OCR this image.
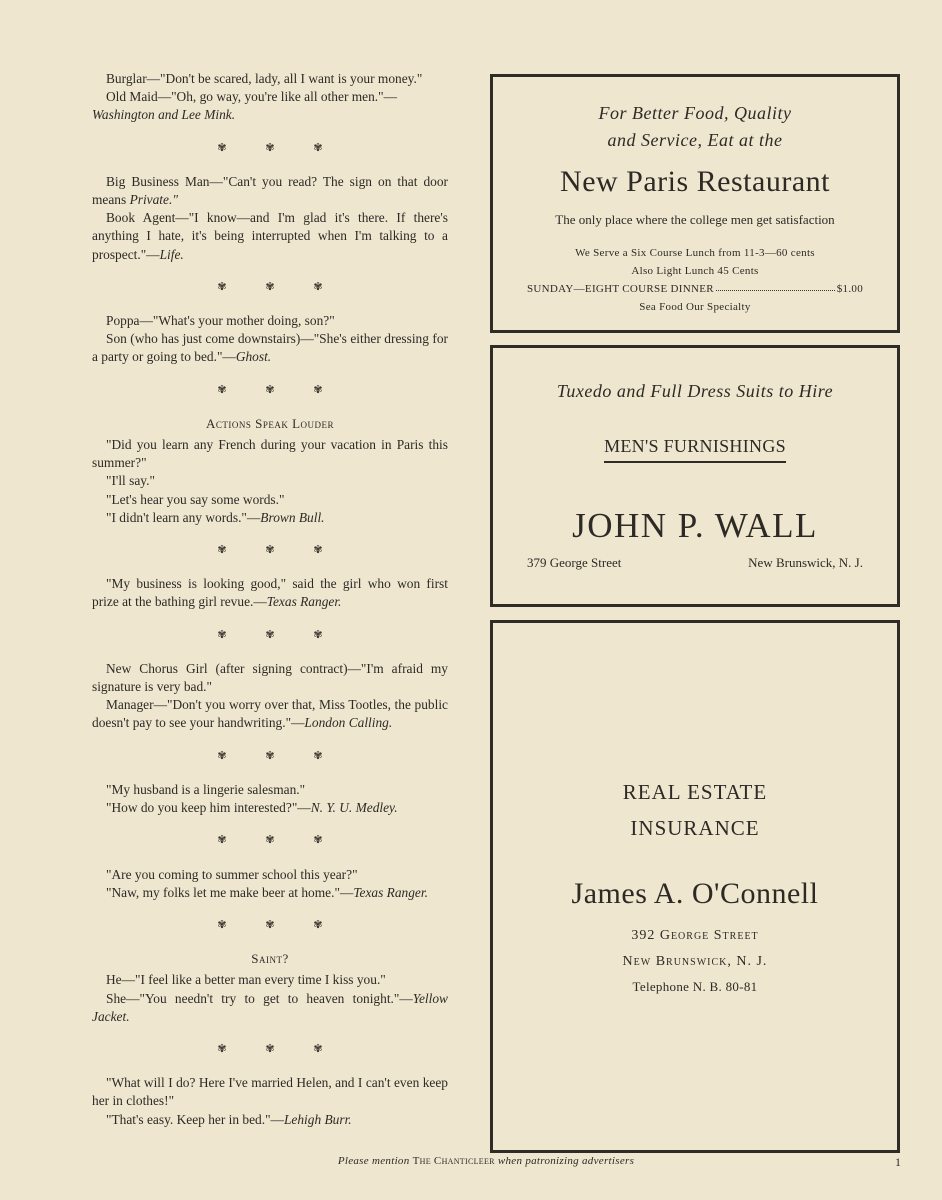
Burglar—"Don't be scared, lady, all I want is your money."

Old Maid—"Oh, go way, you're like all other men."—
Washington and Lee Mink.

✾ ✾ ✾

Big Business Man—"Can't you read? The sign on that door means Private."

Book Agent—"I know—and I'm glad it's there. If there's anything I hate, it's being interrupted when I'm talking to a prospect."—Life.

✾ ✾ ✾

Poppa—"What's your mother doing, son?"

Son (who has just come downstairs)—"She's either dressing for a party or going to bed."—Ghost.

✾ ✾ ✾
Actions Speak Louder

"Did you learn any French during your vacation in Paris this summer?"

"I'll say."

"Let's hear you say some words."

"I didn't learn any words."—Brown Bull.

✾ ✾ ✾

"My business is looking good," said the girl who won first prize at the bathing girl revue.—Texas Ranger.

✾ ✾ ✾

New Chorus Girl (after signing contract)—"I'm afraid my signature is very bad."

Manager—"Don't you worry over that, Miss Tootles, the public doesn't pay to see your handwriting."—London Calling.

✾ ✾ ✾

"My husband is a lingerie salesman."

"How do you keep him interested?"—N. Y. U. Medley.

✾ ✾ ✾

"Are you coming to summer school this year?"

"Naw, my folks let me make beer at home."—Texas Ranger.

✾ ✾ ✾
Saint?

He—"I feel like a better man every time I kiss you."

She—"You needn't try to get to heaven tonight."—Yellow Jacket.

✾ ✾ ✾

"What will I do? Here I've married Helen, and I can't even keep her in clothes!"

"That's easy. Keep her in bed."—Lehigh Burr.

For Better Food, Quality
and Service, Eat at the
New Paris Restaurant
The only place where the college men get satisfaction
We Serve a Six Course Lunch from 11-3—60 cents
Also Light Lunch 45 Cents
SUNDAY—EIGHT COURSE DINNER	$1.00
Sea Food Our Specialty
Tuxedo and Full Dress Suits to Hire
MEN'S FURNISHINGS
JOHN P. WALL
379 George Street	New Brunswick, N. J.
REAL ESTATE
INSURANCE
James A. O'Connell
392 George Street
New Brunswick, N. J.
Telephone N. B. 80-81
Please mention The Chanticleer when patronizing advertisers	1
